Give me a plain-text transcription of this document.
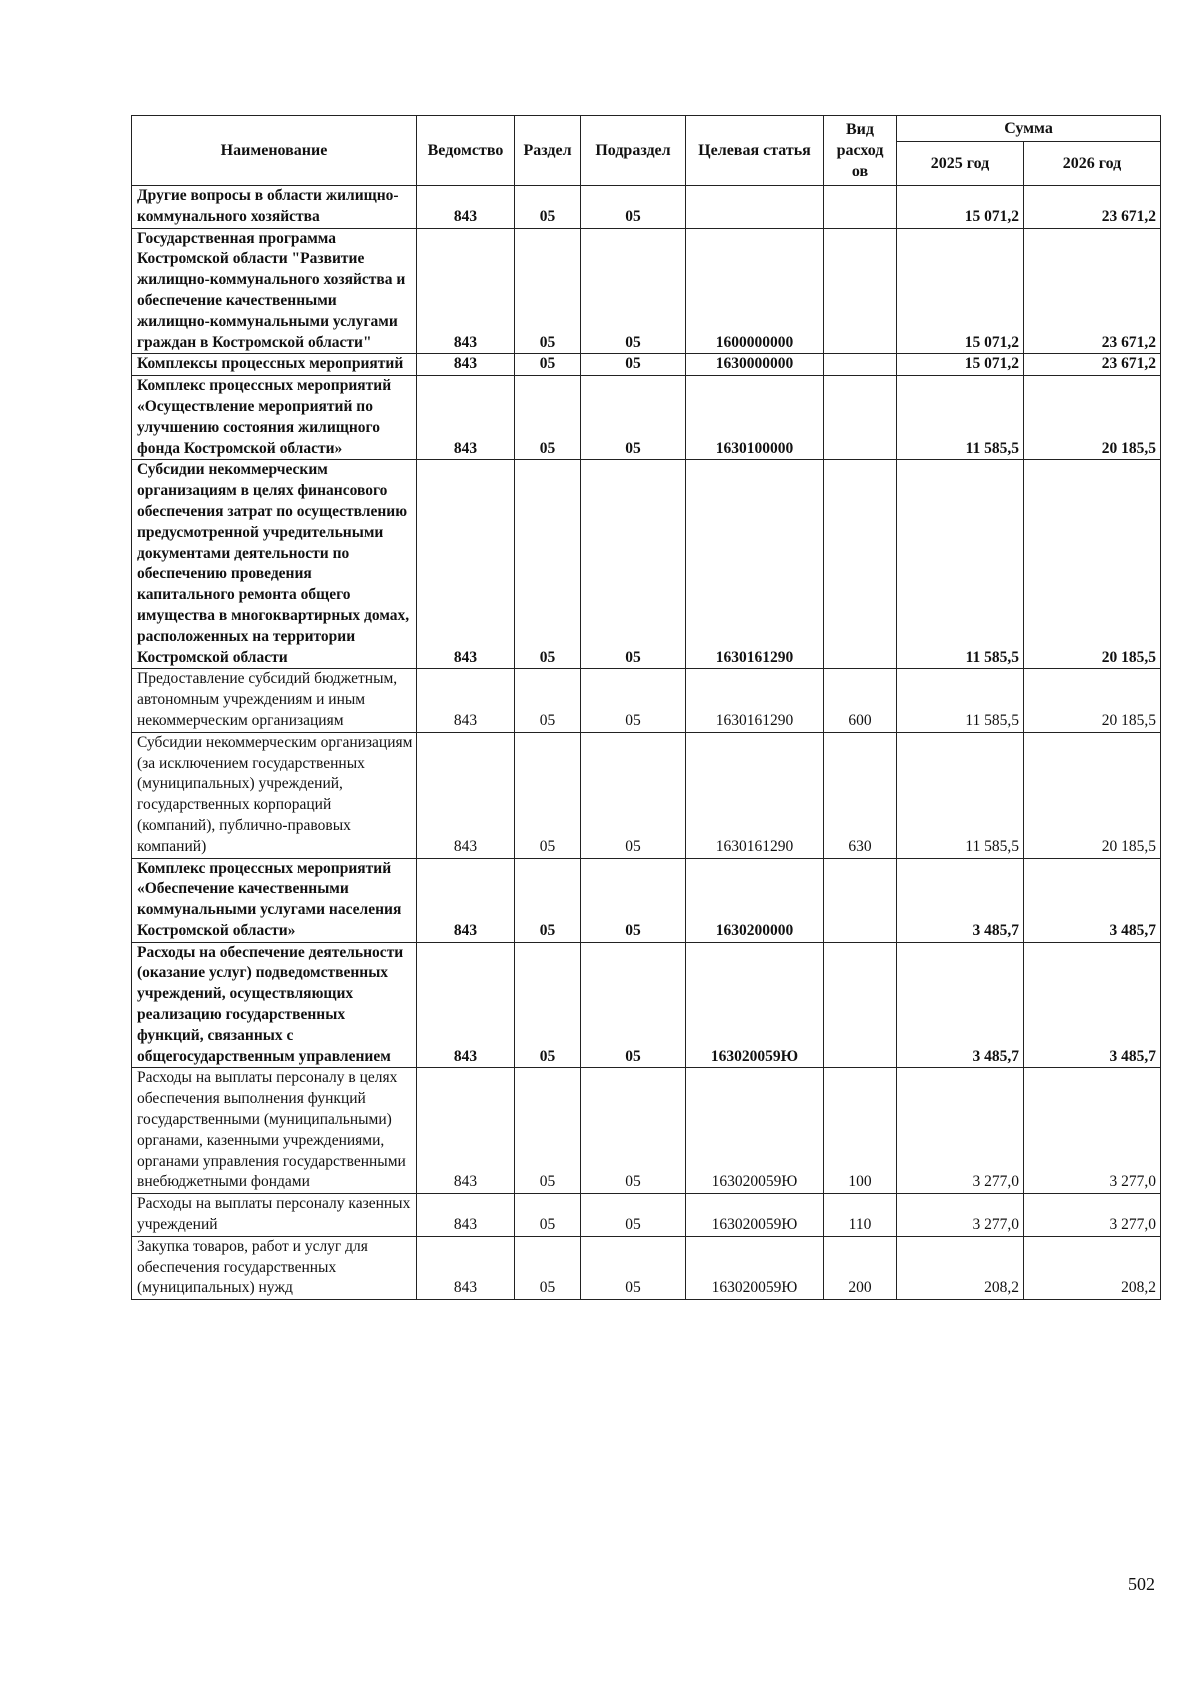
Наименование	Ведомство	Раздел	Подраздел	Целевая статья	Вид расход ов	Сумма	
						2025 год	2026 год
Другие вопросы в области жилищно-коммунального хозяйства	843	05	05			15 071,2	23 671,2
Государственная программа Костромской области "Развитие жилищно-коммунального хозяйства и обеспечение качественными жилищно-коммунальными услугами граждан в Костромской области"	843	05	05	1600000000		15 071,2	23 671,2
Комплексы процессных мероприятий	843	05	05	1630000000		15 071,2	23 671,2
Комплекс процессных мероприятий «Осуществление мероприятий по улучшению состояния жилищного фонда Костромской области»	843	05	05	1630100000		11 585,5	20 185,5
Субсидии некоммерческим организациям в целях финансового обеспечения затрат по осуществлению предусмотренной учредительными документами деятельности по обеспечению проведения капитального ремонта общего имущества в многоквартирных домах, расположенных на территории Костромской области	843	05	05	1630161290		11 585,5	20 185,5
Предоставление субсидий бюджетным, автономным учреждениям и иным некоммерческим организациям	843	05	05	1630161290	600	11 585,5	20 185,5
Субсидии некоммерческим организациям (за исключением государственных (муниципальных) учреждений, государственных корпораций (компаний), публично-правовых компаний)	843	05	05	1630161290	630	11 585,5	20 185,5
Комплекс процессных мероприятий «Обеспечение качественными коммунальными услугами населения Костромской области»	843	05	05	1630200000		3 485,7	3 485,7
Расходы на обеспечение деятельности (оказание услуг) подведомственных учреждений, осуществляющих реализацию государственных функций, связанных с общегосударственным управлением	843	05	05	163020059Ю		3 485,7	3 485,7
Расходы на выплаты персоналу в целях обеспечения выполнения функций государственными (муниципальными) органами, казенными учреждениями, органами управления государственными внебюджетными фондами	843	05	05	163020059Ю	100	3 277,0	3 277,0
Расходы на выплаты персоналу казенных учреждений	843	05	05	163020059Ю	110	3 277,0	3 277,0
Закупка товаров, работ и услуг для обеспечения государственных (муниципальных) нужд	843	05	05	163020059Ю	200	208,2	208,2
502
